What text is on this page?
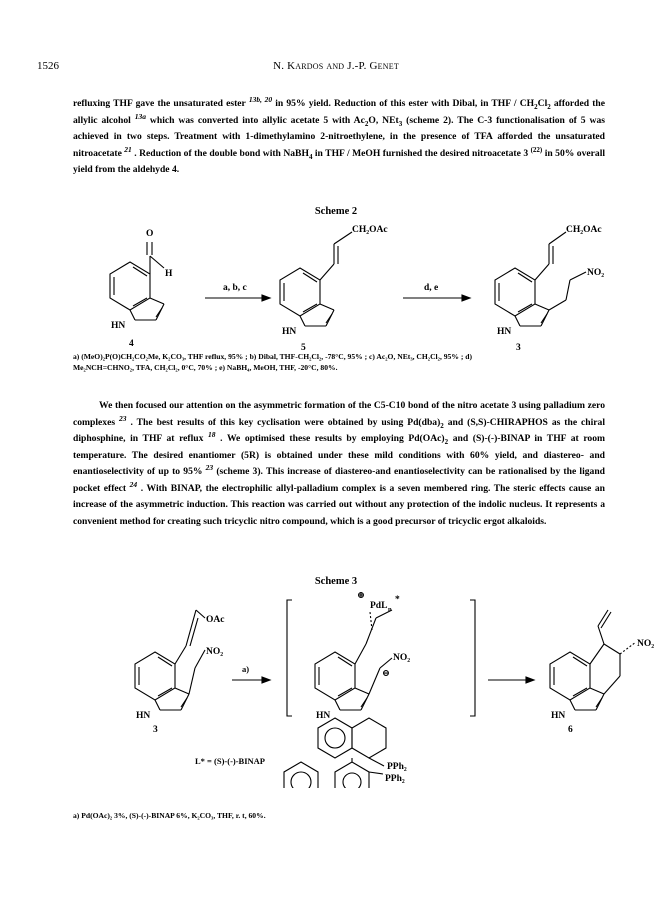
1526	N. Kardos and J.-P. Genet

refluxing THF gave the unsaturated ester $^{13b, 20}$ in 95% yield. Reduction of this ester with Dibal, in THF / $CH_2Cl_2$ afforded the allylic alcohol $^{13a}$ which was converted into allylic acetate 5 with $Ac_2O$, NEt$_3$ (scheme 2). The C-3 functionalisation of 5 was achieved in two steps. Treatment with 1-dimethylamino 2-nitroethylene, in the presence of TFA afforded the unsaturated nitroacetate $^{21}$ . Reduction of the double bond with NaBH$_4$ in THF / MeOH furnished the desired nitroacetate 3 $^{(22)}$ in 50% overall yield from the aldehyde 4.

Scheme 2
O
H
HN
HN	HN
CH₂OAc	CH₂OAc
NO₂
a, b, c	d, e
4	5	3
a) (MeO)₂P(O)CH₂CO₂Me, K₂CO₃, THF reflux, 95% ; b) Dibal, THF-CH₂Cl₂, -78°C, 95% ; c) Ac₂O, NEt₃, CH₂Cl₂, 95% ; d)
Me₂NCH=CHNO₂, TFA, CH₂Cl₂, 0°C, 70% ; e) NaBH₄, MeOH, THF, -20°C, 80%.

We then focused our attention on the asymmetric formation of the C5-C10 bond of the nitro acetate 3 using palladium zero complexes $^{23}$ . The best results of this key cyclisation were obtained by using $Pd(dba)_2$ and (S,S)-CHIRAPHOS as the chiral diphosphine, in THF at reflux $^{18}$ . We optimised these results by employing $Pd(OAc)_2$ and (S)-(-)-BINAP in THF at room temperature. The desired enantiomer (5R) is obtained under these mild conditions with 60% yield, and diastereo- and enantioselectivity of up to 95% $^{23}$ (scheme 3). This increase of diastereo-and enantioselectivity can be rationalised by the ligand pocket effect $^{24}$ . With BINAP, the electrophilic allyl-palladium complex is a seven membered ring. The steric effects cause an increase of the asymmetric induction. This reaction was carried out without any protection of the indolic nucleus. It represents a convenient method for creating such tricyclic nitro compound, which is a good precursor of tricyclic ergot alkaloids.

Scheme 3
OAc
NO₂
HN
3
a)
⊕
PdL n
*
NO₂
⊖
HN
NO₂
HN
6
L* = (S)-(-)-BINAP
PPh₂
PPh₂
a) Pd(OAc)₂ 3%, (S)-(-)-BINAP 6%, K₂CO₃, THF, r. t, 60%.
